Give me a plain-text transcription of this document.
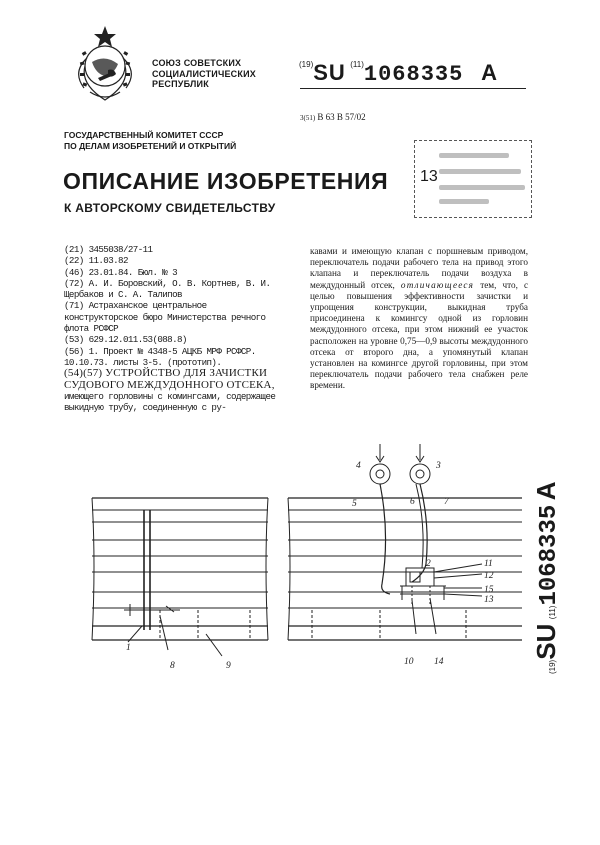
СОЮЗ СОВЕТСКИХ
СОЦИАЛИСТИЧЕСКИХ
РЕСПУБЛИК
$^{(19)}$SU $^{(11)}$1068335 A
3(51) В 63 В 57/02
ГОСУДАРСТВЕННЫЙ КОМИТЕТ СССР
ПО ДЕЛАМ ИЗОБРЕТЕНИЙ И ОТКРЫТИЙ
ОПИСАНИЕ ИЗОБРЕТЕНИЯ
К АВТОРСКОМУ СВИДЕТЕЛЬСТВУ
13
(21) 3455038/27-11
(22) 11.03.82
(46) 23.01.84. Бюл. № 3
(72) А. И. Боровский, О. В. Кортнев, В. И. Щербаков и С. А. Талипов
(71) Астраханское центральное конструкторское бюро Министерства речного флота РСФСР
(53) 629.12.011.53(088.8)
(56) 1. Проект № 4348-5 АЦКБ МРФ РСФСР. 10.10.73. листы 3-5. (прототип).
(54)(57) УСТРОЙСТВО ДЛЯ ЗАЧИСТКИ СУДОВОГО МЕЖДУДОННОГО ОТСЕКА,
имеющего горловины с комингсами, содержащее выкидную трубу, соединенную с ру-
кавами и имеющую клапан с поршневым приводом, переключатель подачи рабочего тела на привод этого клапана и переключатель подачи воздуха в междудонный отсек, отличающееся тем, что, с целью повышения эффективности зачистки и упрощения конструкции, выкидная труба присоединена к комингсу одной из горловин междудонного отсека, при этом нижний ее участок расположен на уровне 0,75—0,9 высоты междудонного отсека от второго дна, а упомянутый клапан установлен на комингсе другой горловины, при этом переключатель подачи рабочего тела снабжен реле времени.
(19)SU (11)1068335 A
1
2
3
4
5	6	7
8	9	10
11
12
13
14
15
